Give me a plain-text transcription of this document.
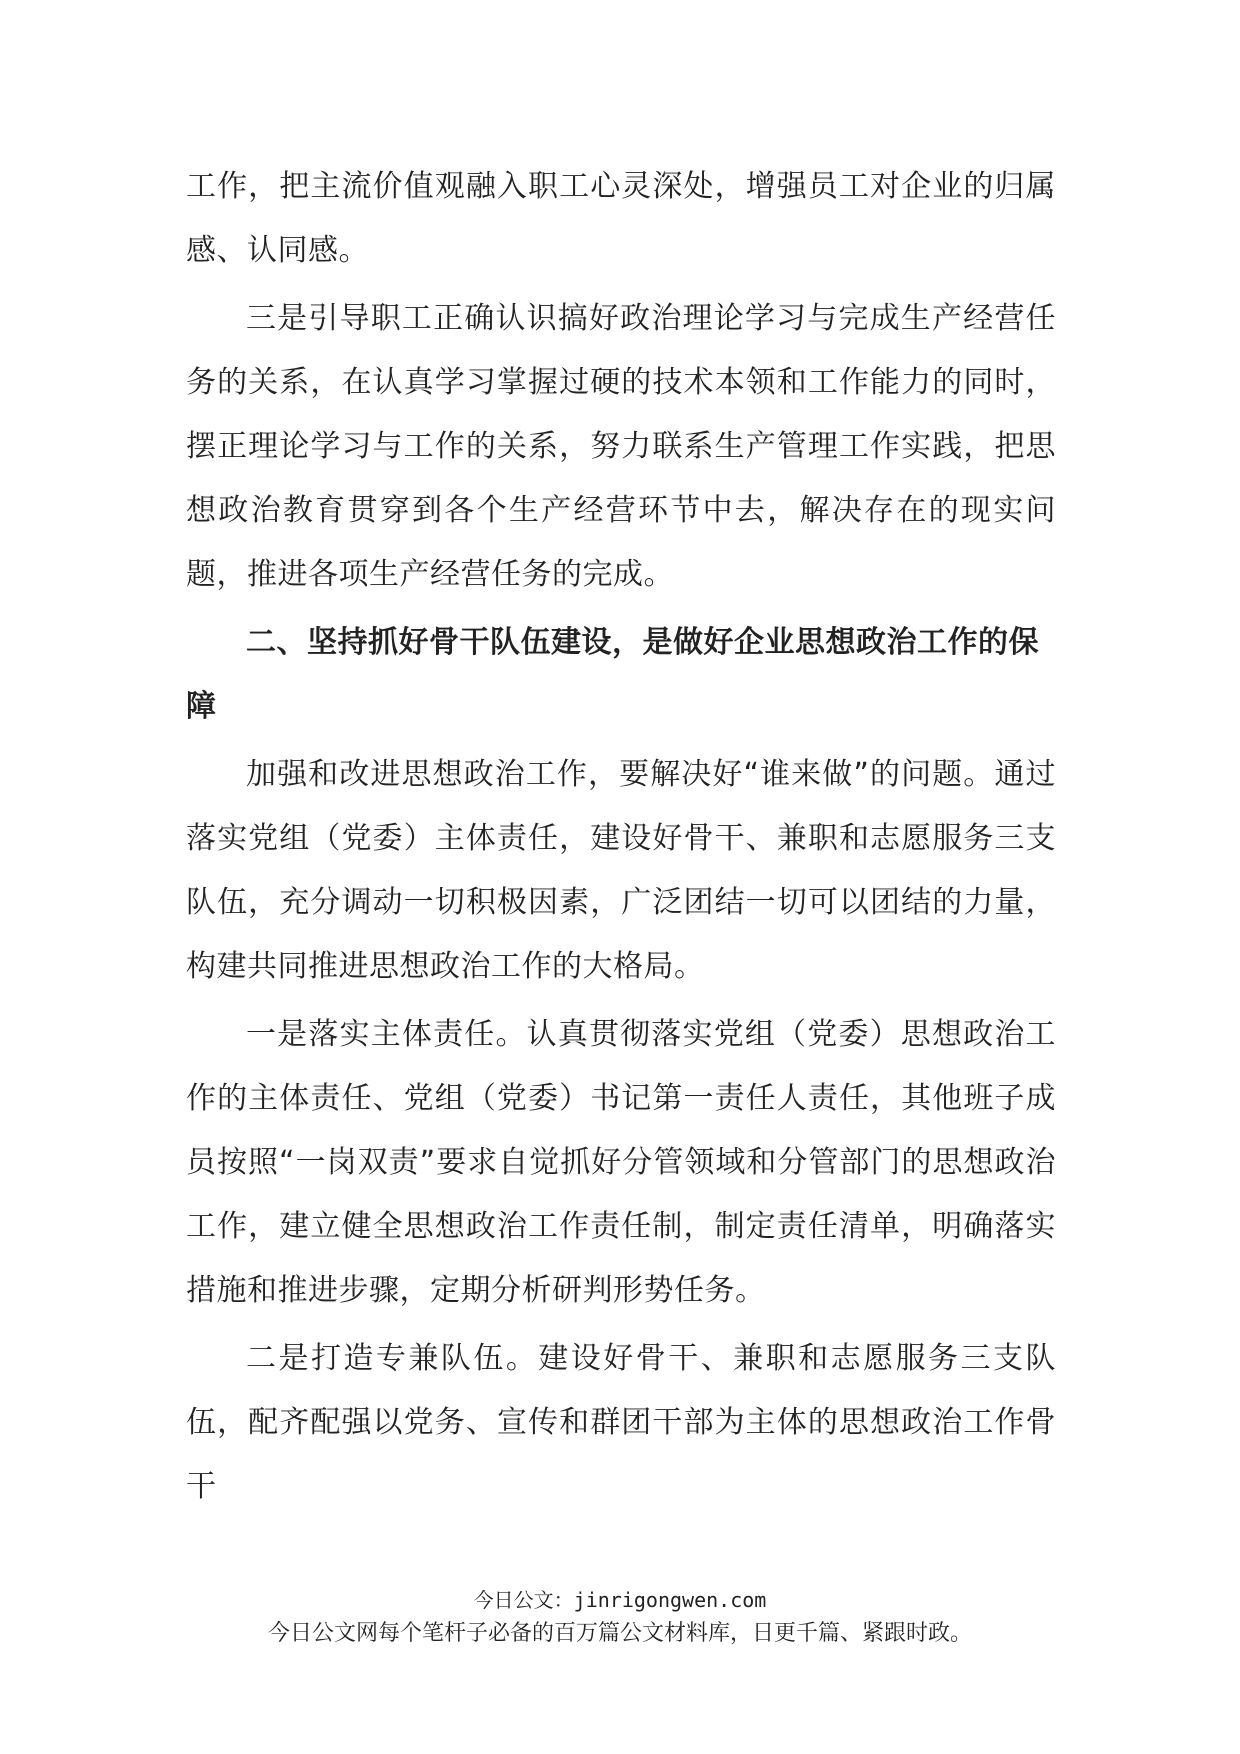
工作，把主流价值观融入职工心灵深处，增强员工对企业的归属感、认同感。

三是引导职工正确认识搞好政治理论学习与完成生产经营任务的关系，在认真学习掌握过硬的技术本领和工作能力的同时，摆正理论学习与工作的关系，努力联系生产管理工作实践，把思想政治教育贯穿到各个生产经营环节中去，解决存在的现实问题，推进各项生产经营任务的完成。

二、坚持抓好骨干队伍建设，是做好企业思想政治工作的保障

加强和改进思想政治工作，要解决好“谁来做”的问题。通过落实党组（党委）主体责任，建设好骨干、兼职和志愿服务三支队伍，充分调动一切积极因素，广泛团结一切可以团结的力量，构建共同推进思想政治工作的大格局。

一是落实主体责任。认真贯彻落实党组（党委）思想政治工作的主体责任、党组（党委）书记第一责任人责任，其他班子成员按照“一岗双责”要求自觉抓好分管领域和分管部门的思想政治工作，建立健全思想政治工作责任制，制定责任清单，明确落实措施和推进步骤，定期分析研判形势任务。

二是打造专兼队伍。建设好骨干、兼职和志愿服务三支队伍，配齐配强以党务、宣传和群团干部为主体的思想政治工作骨干

今日公文：jinrigongwen.com
今日公文网每个笔杆子必备的百万篇公文材料库，日更千篇、紧跟时政。
